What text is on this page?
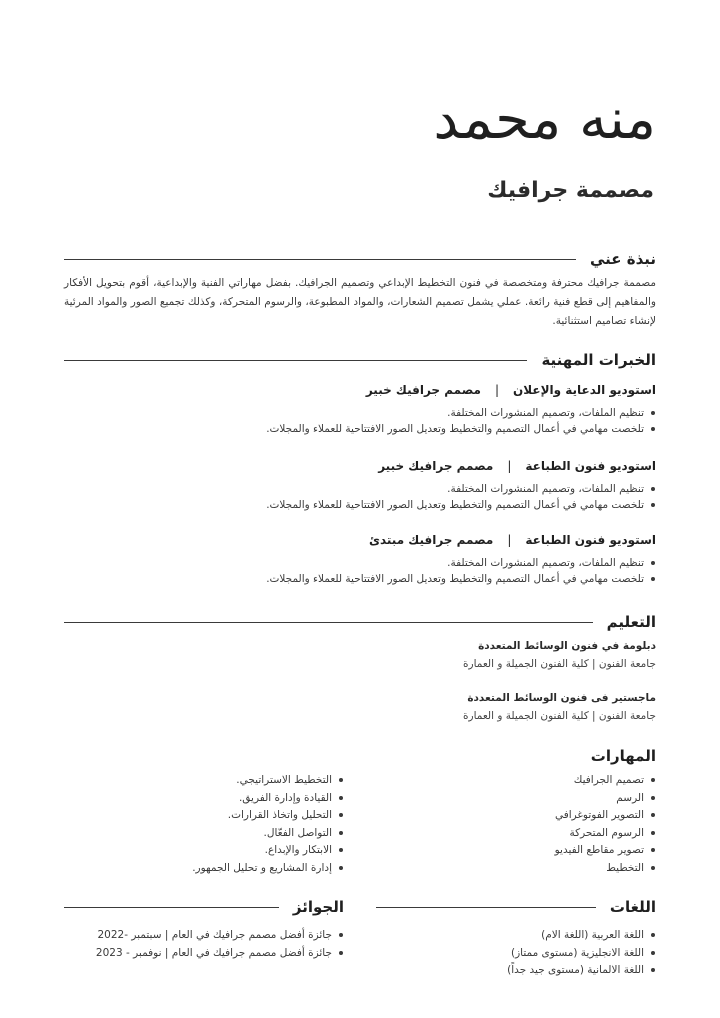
منه محمد
مصممة جرافيك
نبذة عني

مصممة جرافيك محترفة ومتخصصة في فنون التخطيط الإبداعي وتصميم الجرافيك. بفضل مهاراتي الفنية والإبداعية، أقوم بتحويل الأفكار والمفاهيم إلى قطع فنية رائعة. عملي يشمل تصميم الشعارات، والمواد المطبوعة، والرسوم المتحركة، وكذلك تجميع الصور والمواد المرئية لإنشاء تصاميم استثنائية.

الخبرات المهنية

استوديو الدعاية والإعلان|مصمم جرافيك خبير

تنظيم الملفات، وتصميم المنشورات المختلفة.
تلخصت مهامي في أعمال التصميم والتخطيط وتعديل الصور الافتتاحية للعملاء والمجلات.

استوديو فنون الطباعة|مصمم جرافيك خبير

تنظيم الملفات، وتصميم المنشورات المختلفة.
تلخصت مهامي في أعمال التصميم والتخطيط وتعديل الصور الافتتاحية للعملاء والمجلات.

استوديو فنون الطباعة|مصمم جرافيك مبتدئ

تنظيم الملفات، وتصميم المنشورات المختلفة.
تلخصت مهامي في أعمال التصميم والتخطيط وتعديل الصور الافتتاحية للعملاء والمجلات.
التعليم

دبلومة في فنون الوسائط المتعددة

جامعة الفنون | كلية الفنون الجميلة و العمارة

ماجستير فى فنون الوسائط المتعددة

جامعة الفنون | كلية الفنون الجميلة و العمارة

المهارات
تصميم الجرافيك
الرسم
التصوير الفوتوغرافي
الرسوم المتحركة
تصوير مقاطع الفيديو
التخطيط
التخطيط الاستراتيجي.
القيادة وإدارة الفريق.
التحليل واتخاذ القرارات.
التواصل الفعّال.
الابتكار والإبداع.
إدارة المشاريع و تحليل الجمهور.
اللغات
اللغة العربية (اللغة الام)
اللغة الانجليزية (مستوى ممتاز)
اللغة الالمانية (مستوى جيد جداً)
الجوائز
جائزة أفضل مصمم جرافيك في العام | سبتمبر -2022
جائزة أفضل مصمم جرافيك في العام | نوفمبر - 2023
